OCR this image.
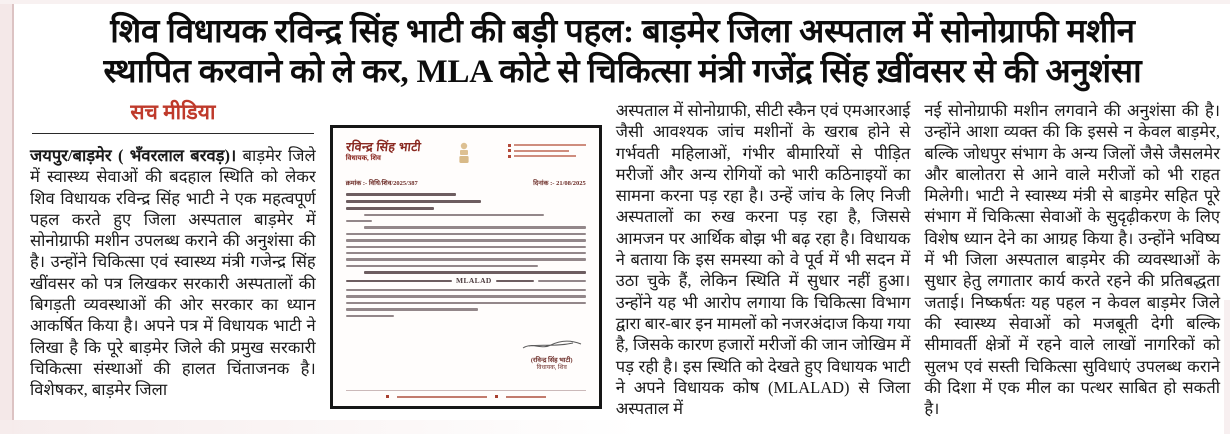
शिव विधायक रविन्द्र सिंह भाटी की बड़ी पहल: बाड़मेर जिला अस्पताल में सोनोग्राफी मशीन
स्थापित करवाने को ले कर, MLA कोटे से चिकित्सा मंत्री गजेंद्र सिंह ख़ींवसर से की अनुशंसा
सच मीडिया
जयपुर/बाड़मेर ( भँवरलाल बरवड़)। बाड़मेर जिले में स्वास्थ्य सेवाओं की बदहाल स्थिति को लेकर शिव विधायक रविन्द्र सिंह भाटी ने एक महत्वपूर्ण पहल करते हुए जिला अस्पताल बाड़मेर में सोनोग्राफी मशीन उपलब्ध कराने की अनुशंसा की है। उन्होंने चिकित्सा एवं स्वास्थ्य मंत्री गजेन्द्र सिंह खींवसर को पत्र लिखकर सरकारी अस्पतालों की बिगड़ती व्यवस्थाओं की ओर सरकार का ध्यान आकर्षित किया है। अपने पत्र में विधायक भाटी ने लिखा है कि पूरे बाड़मेर जिले की प्रमुख सरकारी चिकित्सा संस्थाओं की हालत चिंताजनक है। विशेषकर, बाड़मेर जिला
रविन्द्र सिंह भाटी
विधायक, शिव
क्रमांक :- विधि/शिव/2025/387	दिनांक :- 21/08/2025
MLALAD
(रविन्द्र सिंह भाटी)
विधायक, शिव
अस्पताल में सोनोग्राफी, सीटी स्कैन एवं एमआरआई जैसी आवश्यक जांच मशीनों के खराब होने से गर्भवती महिलाओं, गंभीर बीमारियों से पीड़ित मरीजों और अन्य रोगियों को भारी कठिनाइयों का सामना करना पड़ रहा है। उन्हें जांच के लिए निजी अस्पतालों का रुख करना पड़ रहा है, जिससे आमजन पर आर्थिक बोझ भी बढ़ रहा है। विधायक ने बताया कि इस समस्या को वे पूर्व में भी सदन में उठा चुके हैं, लेकिन स्थिति में सुधार नहीं हुआ। उन्होंने यह भी आरोप लगाया कि चिकित्सा विभाग द्वारा बार-बार इन मामलों को नजरअंदाज किया गया है, जिसके कारण हजारों मरीजों की जान जोखिम में पड़ रही है। इस स्थिति को देखते हुए विधायक भाटी ने अपने विधायक कोष (MLALAD) से जिला अस्पताल में
नई सोनोग्राफी मशीन लगवाने की अनुशंसा की है। उन्होंने आशा व्यक्त की कि इससे न केवल बाड़मेर, बल्कि जोधपुर संभाग के अन्य जिलों जैसे जैसलमेर और बालोतरा से आने वाले मरीजों को भी राहत मिलेगी। भाटी ने स्वास्थ्य मंत्री से बाड़मेर सहित पूरे संभाग में चिकित्सा सेवाओं के सुदृढ़ीकरण के लिए विशेष ध्यान देने का आग्रह किया है। उन्होंने भविष्य में भी जिला अस्पताल बाड़मेर की व्यवस्थाओं के सुधार हेतु लगातार कार्य करते रहने की प्रतिबद्धता जताई। निष्कर्षतः यह पहल न केवल बाड़मेर जिले की स्वास्थ्य सेवाओं को मजबूती देगी बल्कि सीमावर्ती क्षेत्रों में रहने वाले लाखों नागरिकों को सुलभ एवं सस्ती चिकित्सा सुविधाएं उपलब्ध कराने की दिशा में एक मील का पत्थर साबित हो सकती है।
